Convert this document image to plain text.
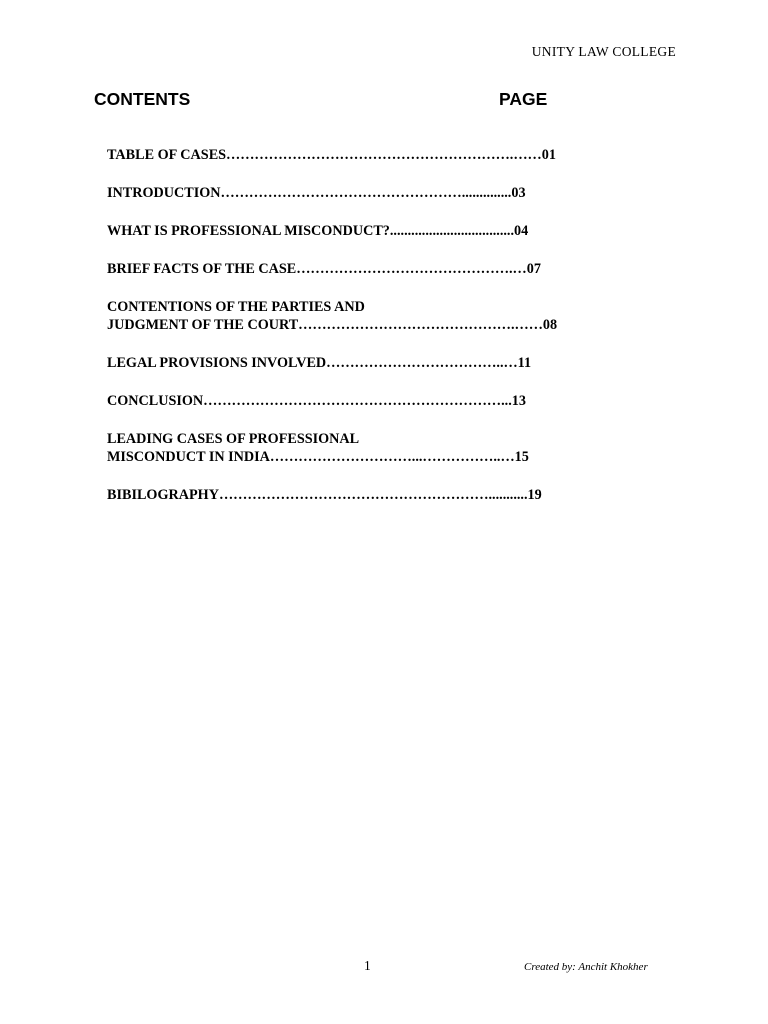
UNITY LAW COLLEGE
CONTENTS	PAGE
TABLE OF CASES…………………………………………………….……01
INTRODUCTION……………………………………………..............03
WHAT IS PROFESSIONAL MISCONDUCT?...................................04
BRIEF FACTS OF THE CASE……………………………………….…07
CONTENTIONS OF THE PARTIES AND
JUDGMENT OF THE COURT……………………………………….……08
LEGAL PROVISIONS INVOLVED………………………………..…11
CONCLUSION………………………………………………………...13
LEADING CASES OF PROFESSIONAL
MISCONDUCT IN INDIA…………………………...……………..…15
BIBILOGRAPHY…………………………………………………...........19
1	Created by: Anchit Khokher
